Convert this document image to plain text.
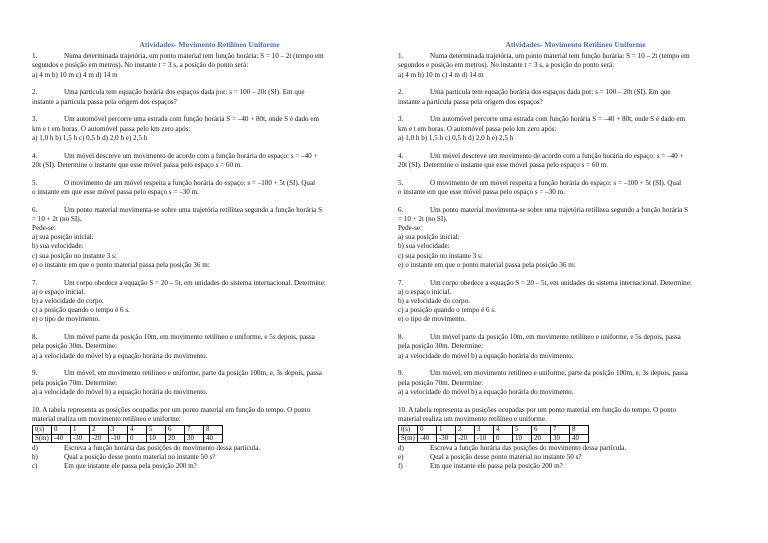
Atividades- Movimento Retilíneo Uniforme

1.	Numa determinada trajetória, um ponto material tem função horária: S = 10 – 2t (tempo em

segundos e posição em metros). No instante t = 3 s, a posição do ponto será:

a) 4 m b) 10 m c) 4 m d) 14 m

2.	Uma partícula tem equação horária dos espaços dada por: s = 100 – 20t (SI). Em que

instante a partícula passa pela origem dos espaços?

3.	Um automóvel percorre uma estrada com função horária S = –40 + 80t, onde S é dado em

km e t em horas. O automóvel passa pelo km zero após:

a) 1,0 h b) 1,5 h c) 0,5 h d) 2,0 h e) 2,5 h

4.	Um móvel descreve um movimento de acordo com a função horária do espaço: s = –40 +

20t (SI). Determine o instante que esse móvel passa pelo espaço s = 60 m.

5.	O movimento de um móvel respeita a função horária do espaço: s = –100 + 5t (SI). Qual

o instante em que esse móvel passa pelo espaço s = –30 m.

6.	Um ponto material movimenta-se sobre uma trajetória retilínea segundo a função horária S

= 10 + 2t (no SI).

Pede-se:

a) sua posição inicial:

b) sua velocidade:

c) sua posição no instante 3 s:

e) o instante em que o ponto material passa pela posição 36 m:

7.	Um corpo obedece a equação S = 20 – 5t, em unidades do sistema internacional. Determine:

a) o espaço inicial.

b) a velocidade do corpo.

c) a posição quando o tempo é 6 s.

e) o tipo de movimento.

8.	Um móvel parte da posição 10m, em movimento retilíneo e uniforme, e 5s depois, passa

pela posição 30m. Determine:

a) a velocidade do móvel b) a equação horária do movimento.

9.	Um móvel, em movimento retilíneo e uniforme, parte da posição 100m, e, 3s depois, passa

pela posição 70m. Determine:

a) a velocidade do móvel b) a equação horária do movimento.

10. A tabela representa as posições ocupadas por um ponto material em função do tempo. O ponto

material realiza um movimento retilíneo e uniforme.

t(s)	0	1	2	3	4	5	6	7	8
S(m)	-40	-30	-20	-10	0	10	20	30	40
d)	Escreva a função horária das posições do movimento dessa partícula.
b)	Qual a posição desse ponto material no instante 50 s?
c)	Em que instante ele passa pela posição 200 m?
Atividades- Movimento Retilíneo Uniforme

1.	Numa determinada trajetória, um ponto material tem função horária: S = 10 – 2t (tempo em

segundos e posição em metros). No instante t = 3 s, a posição do ponto será:

a) 4 m b) 10 m c) 4 m d) 14 m

2.	Uma partícula tem equação horária dos espaços dada por: s = 100 – 20t (SI). Em que

instante a partícula passa pela origem dos espaços?

3.	Um automóvel percorre uma estrada com função horária S = –40 + 80t, onde S é dado em

km e t em horas. O automóvel passa pelo km zero após:

a) 1,0 h b) 1,5 h c) 0,5 h d) 2,0 h e) 2,5 h

4.	Um móvel descreve um movimento de acordo com a função horária do espaço: s = –40 +

20t (SI). Determine o instante que esse móvel passa pelo espaço s = 60 m.

5.	O movimento de um móvel respeita a função horária do espaço: s = –100 + 5t (SI). Qual

o instante em que esse móvel passa pelo espaço s = –30 m.

6.	Um ponto material movimenta-se sobre uma trajetória retilínea segundo a função horária S

= 10 + 2t (no SI).

Pede-se:

a) sua posição inicial:

b) sua velocidade:

c) sua posição no instante 3 s:

e) o instante em que o ponto material passa pela posição 36 m:

7.	Um corpo obedece a equação S = 20 – 5t, em unidades do sistema internacional. Determine:

a) o espaço inicial.

b) a velocidade do corpo.

c) a posição quando o tempo é 6 s.

e) o tipo de movimento.

8.	Um móvel parte da posição 10m, em movimento retilíneo e uniforme, e 5s depois, passa

pela posição 30m. Determine:

a) a velocidade do móvel b) a equação horária do movimento.

9.	Um móvel, em movimento retilíneo e uniforme, parte da posição 100m, e, 3s depois, passa

pela posição 70m. Determine:

a) a velocidade do móvel b) a equação horária do movimento.

10. A tabela representa as posições ocupadas por um ponto material em função do tempo. O ponto

material realiza um movimento retilíneo e uniforme.

t(s)	0	1	2	3	4	5	6	7	8
S(m)	-40	-30	-20	-10	0	10	20	30	40
d)	Escreva a função horária das posições do movimento dessa partícula.
e)	Qual a posição desse ponto material no instante 50 s?
f)	Em que instante ele passa pela posição 200 m?
